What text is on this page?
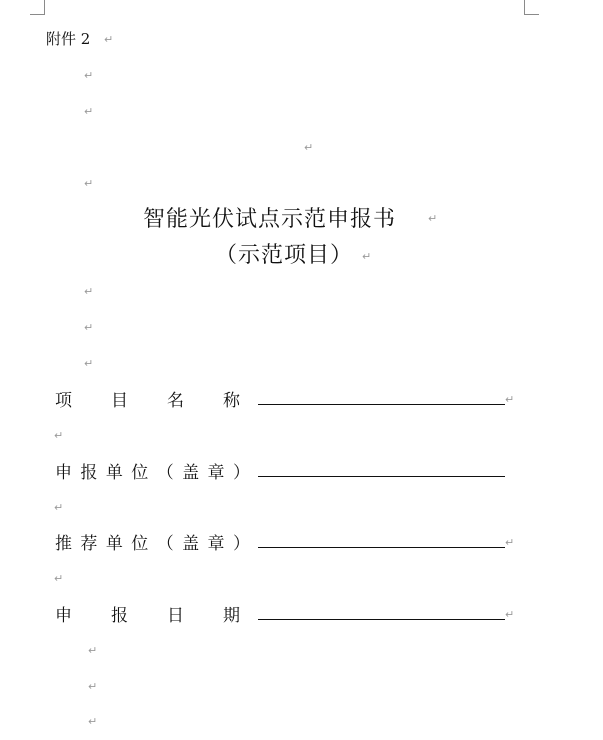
附件 2 ↵
↵
↵
↵
↵
智能光伏试点示范申报书	↵
（示范项目） ↵
↵
↵
↵
项 目 名 称	↵
↵
申 报 单 位 （ 盖 章 ）
↵
推 荐 单 位 （ 盖 章 ）	↵
↵
申 报 日 期	↵
↵
↵
↵
